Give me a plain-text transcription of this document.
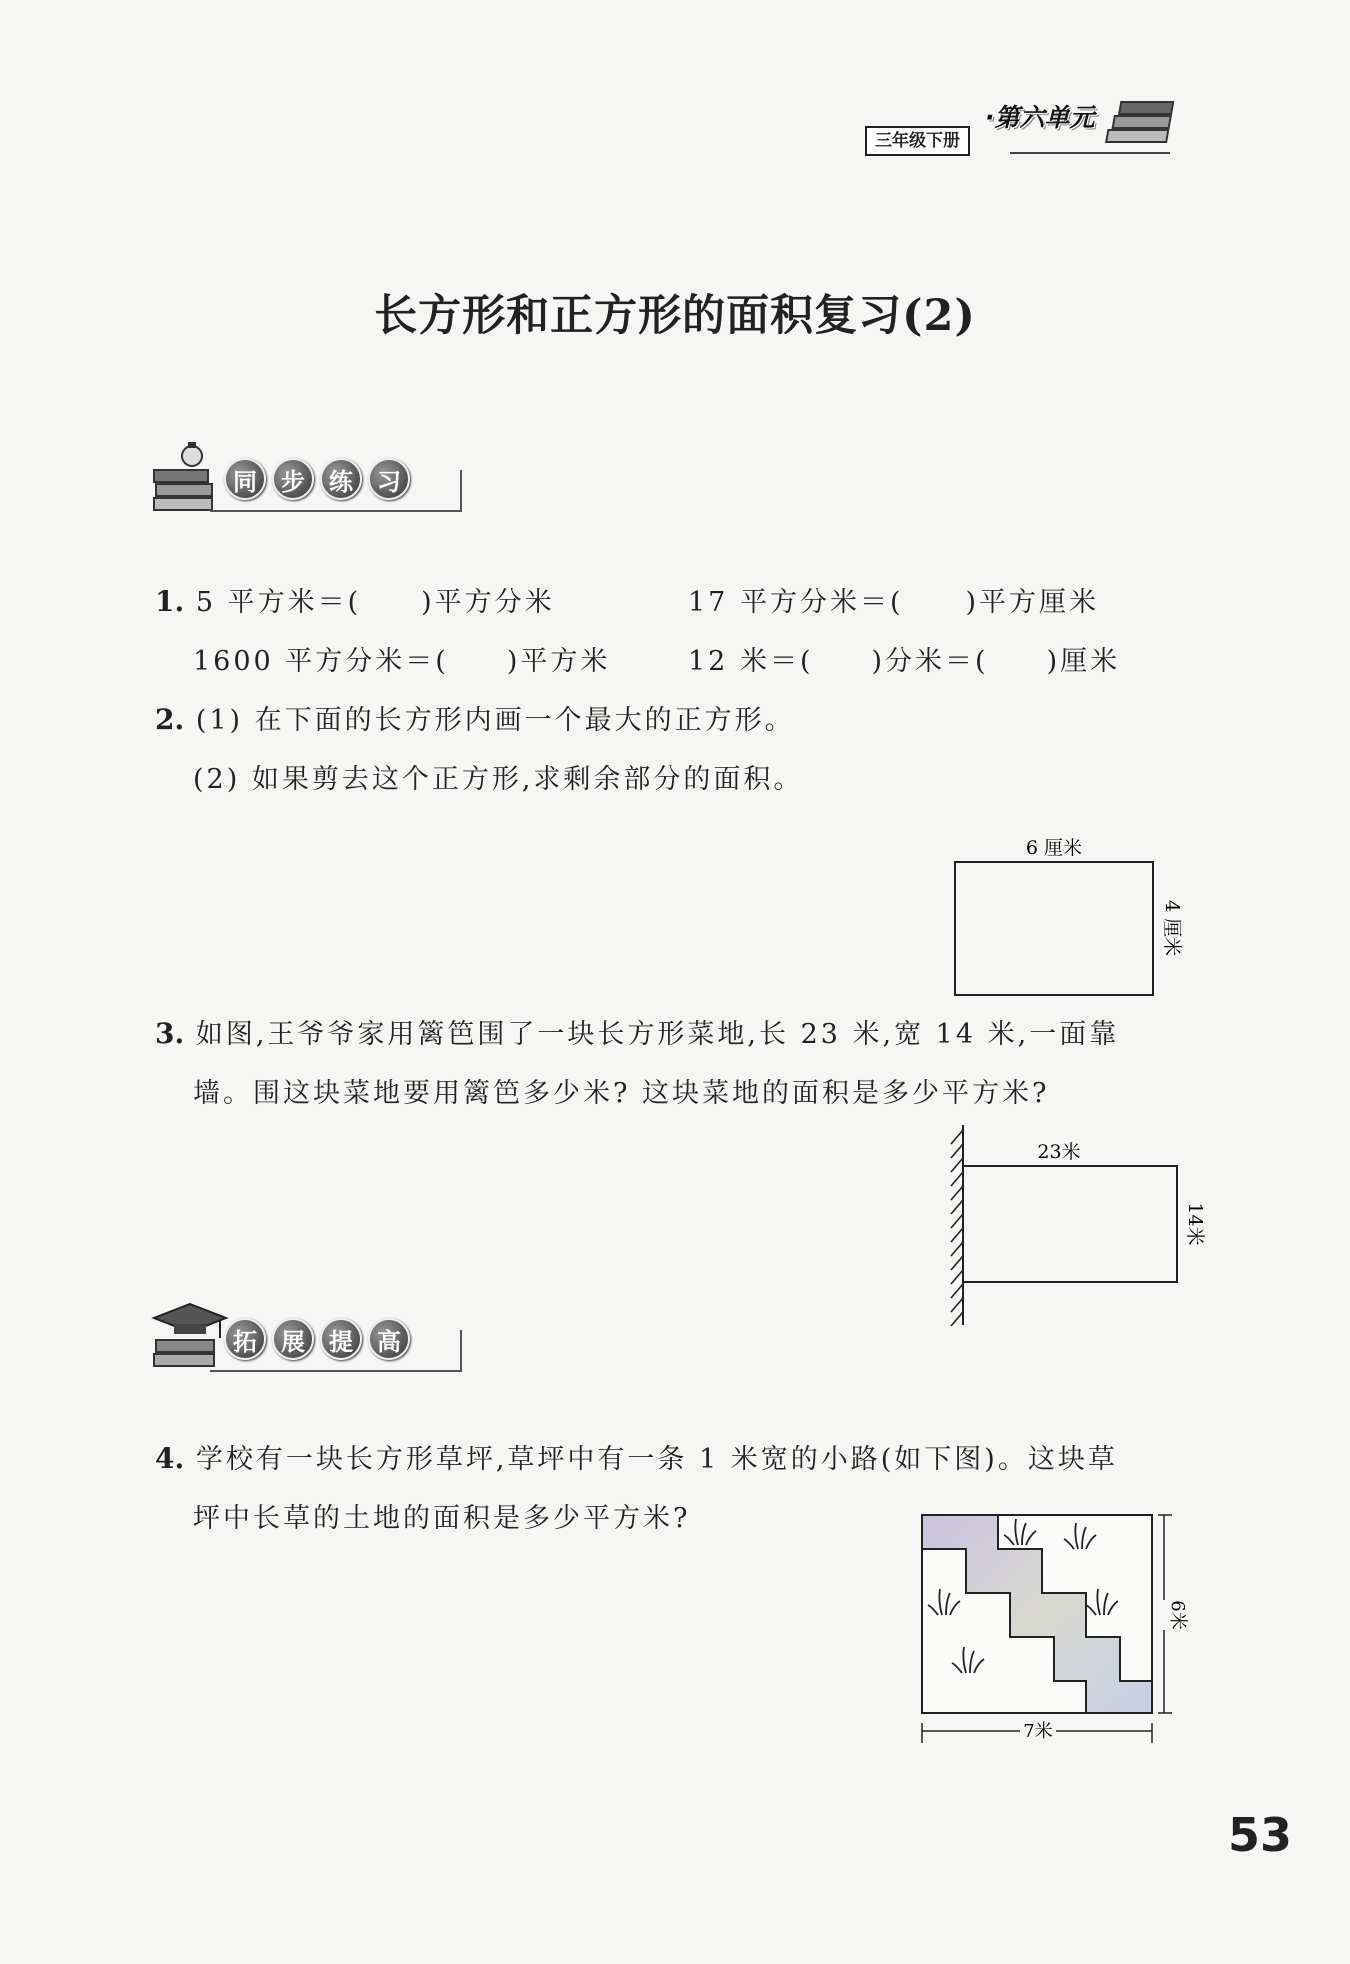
三年级下册
·第六单元
长方形和正方形的面积复习(2)
同	步	练	习
1. 5 平方米＝( )平方分米	17 平方分米＝( )平方厘米
1600 平方分米＝( )平方米	12 米＝( )分米＝( )厘米
2. (1) 在下面的长方形内画一个最大的正方形。
(2) 如果剪去这个正方形,求剩余部分的面积。
6 厘米
4 厘米
3. 如图,王爷爷家用篱笆围了一块长方形菜地,长 23 米,宽 14 米,一面靠
墙。围这块菜地要用篱笆多少米? 这块菜地的面积是多少平方米?
23米
14米
拓	展	提	高
4. 学校有一块长方形草坪,草坪中有一条 1 米宽的小路(如下图)。这块草
坪中长草的土地的面积是多少平方米?
6米
7米
53
